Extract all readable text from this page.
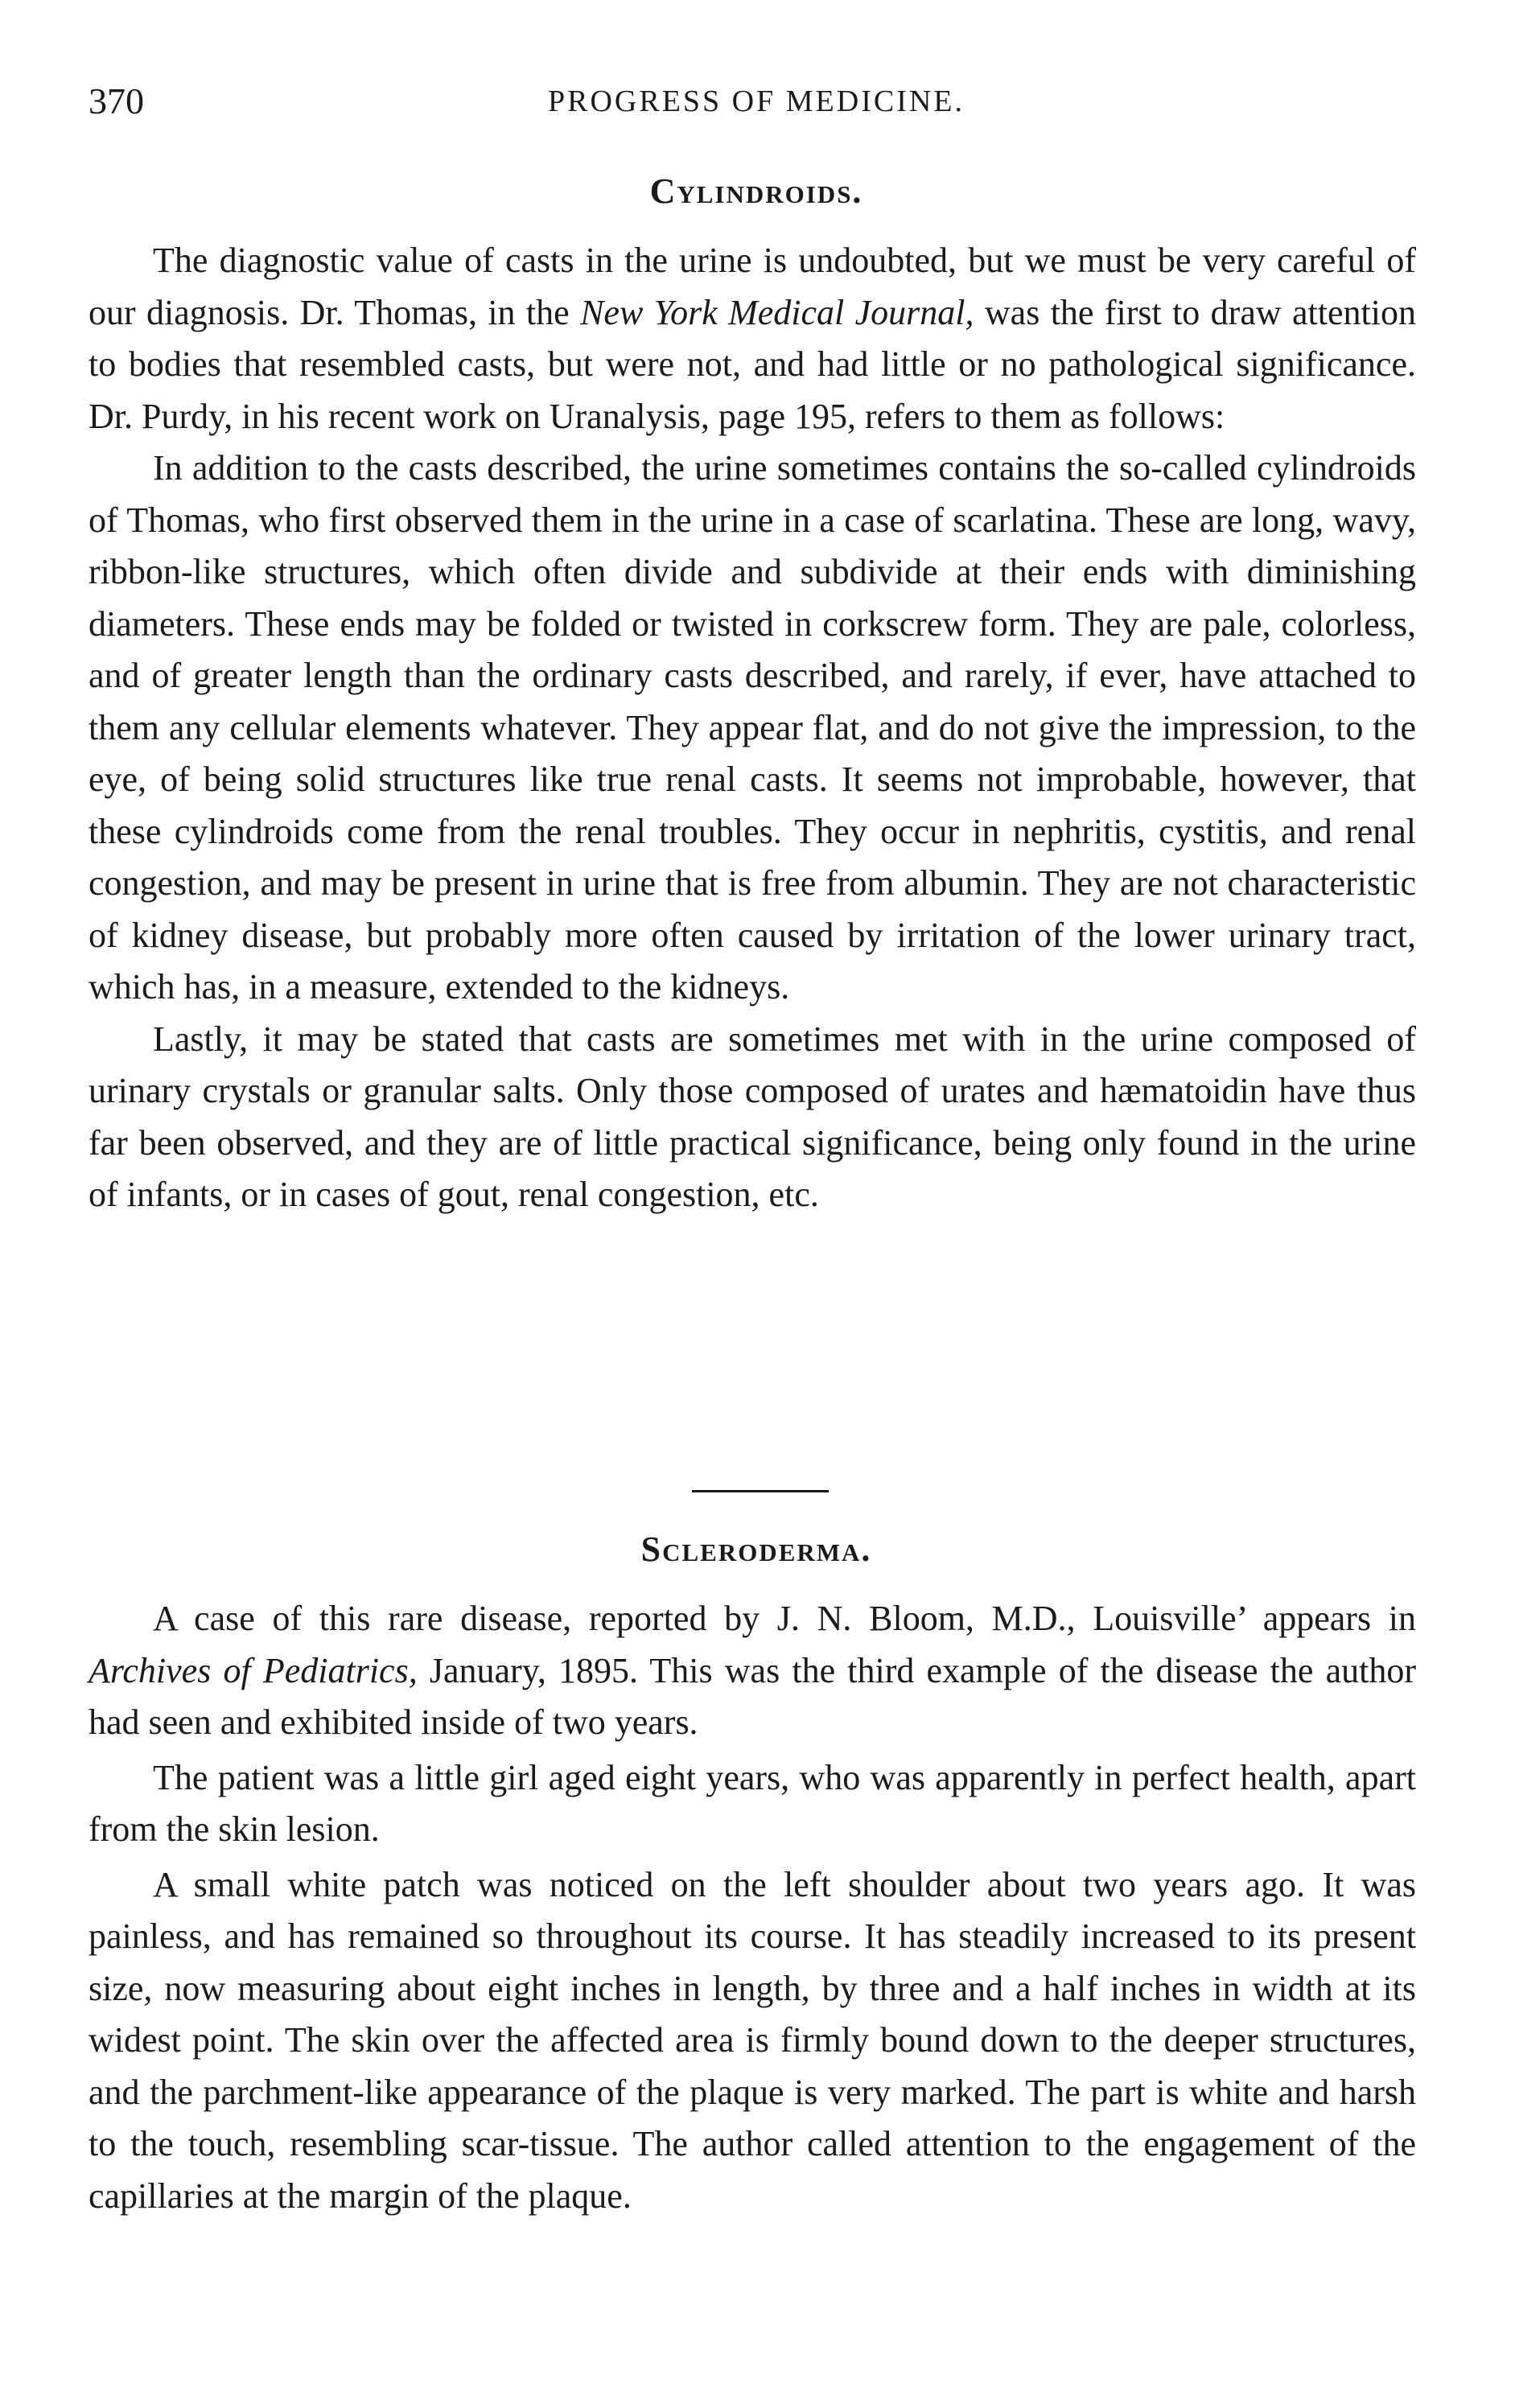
370	PROGRESS OF MEDICINE.
Cylindroids.

The diagnostic value of casts in the urine is undoubted, but we must be very careful of our diagnosis. Dr. Thomas, in the New York Medical Journal, was the first to draw attention to bodies that resembled casts, but were not, and had little or no pathological significance. Dr. Purdy, in his recent work on Uranalysis, page 195, refers to them as follows:

In addition to the casts described, the urine sometimes contains the so-called cylindroids of Thomas, who first observed them in the urine in a case of scarlatina. These are long, wavy, ribbon-like structures, which often divide and subdivide at their ends with diminishing diameters. These ends may be folded or twisted in corkscrew form. They are pale, colorless, and of greater length than the ordinary casts described, and rarely, if ever, have attached to them any cellular elements whatever. They appear flat, and do not give the impression, to the eye, of being solid structures like true renal casts. It seems not improbable, however, that these cylindroids come from the renal troubles. They occur in nephritis, cystitis, and renal congestion, and may be present in urine that is free from albumin. They are not characteristic of kidney disease, but probably more often caused by irritation of the lower urinary tract, which has, in a measure, extended to the kidneys.

Lastly, it may be stated that casts are sometimes met with in the urine composed of urinary crystals or granular salts. Only those composed of urates and hæmatoidin have thus far been observed, and they are of little practical significance, being only found in the urine of infants, or in cases of gout, renal congestion, etc.

Scleroderma.

A case of this rare disease, reported by J. N. Bloom, M.D., Louisville’ appears in Archives of Pediatrics, January, 1895. This was the third example of the disease the author had seen and exhibited inside of two years.

The patient was a little girl aged eight years, who was apparently in perfect health, apart from the skin lesion.

A small white patch was noticed on the left shoulder about two years ago. It was painless, and has remained so throughout its course. It has steadily increased to its present size, now measuring about eight inches in length, by three and a half inches in width at its widest point. The skin over the affected area is firmly bound down to the deeper structures, and the parchment-like appearance of the plaque is very marked. The part is white and harsh to the touch, resembling scar-tissue. The author called attention to the engagement of the capillaries at the margin of the plaque.
